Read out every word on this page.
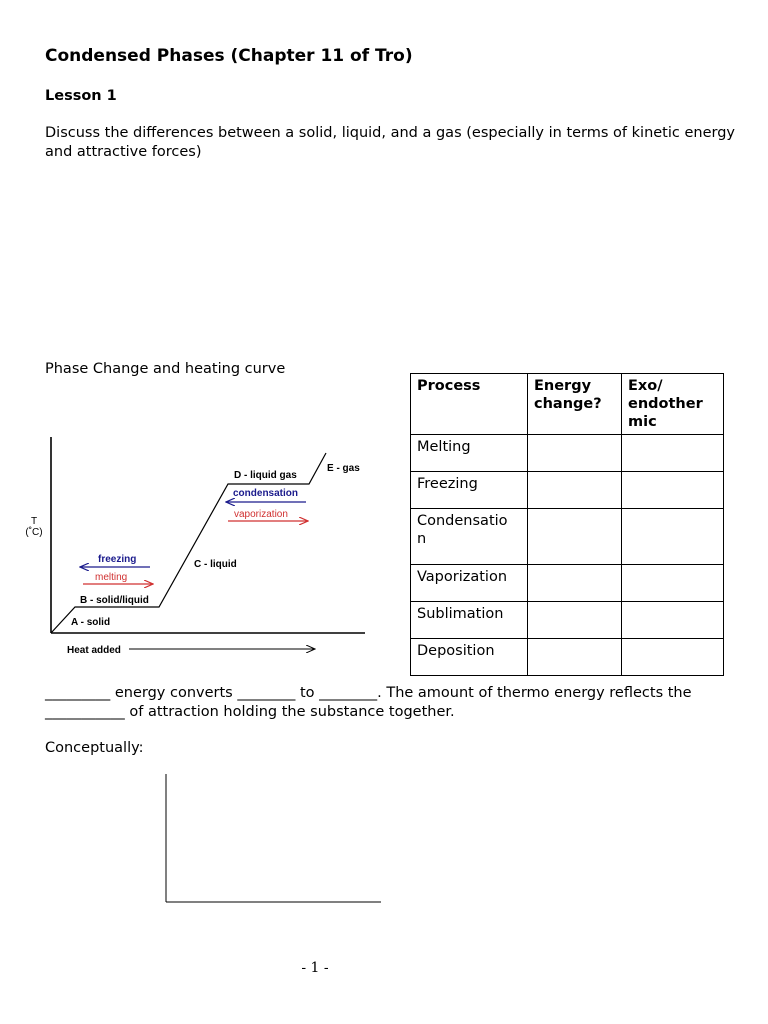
Condensed Phases (Chapter 11 of Tro)
Lesson 1
Discuss the differences between a solid, liquid, and a gas (especially in terms of kinetic energy and attractive forces)
Phase Change and heating curve
T
(˚C)
Heat added
A - solid
B - solid/liquid
C - liquid
D - liquid gas
E - gas
freezing
melting
condensation
vaporization
Process	Energy change?	Exo/ endother mic
Melting		
Freezing		
Condensatio n		
Vaporization		
Sublimation		
Deposition		
_________ energy converts ________ to ________. The amount of thermo energy reflects the ___________ of attraction holding the substance together.
Conceptually:
- 1 -
